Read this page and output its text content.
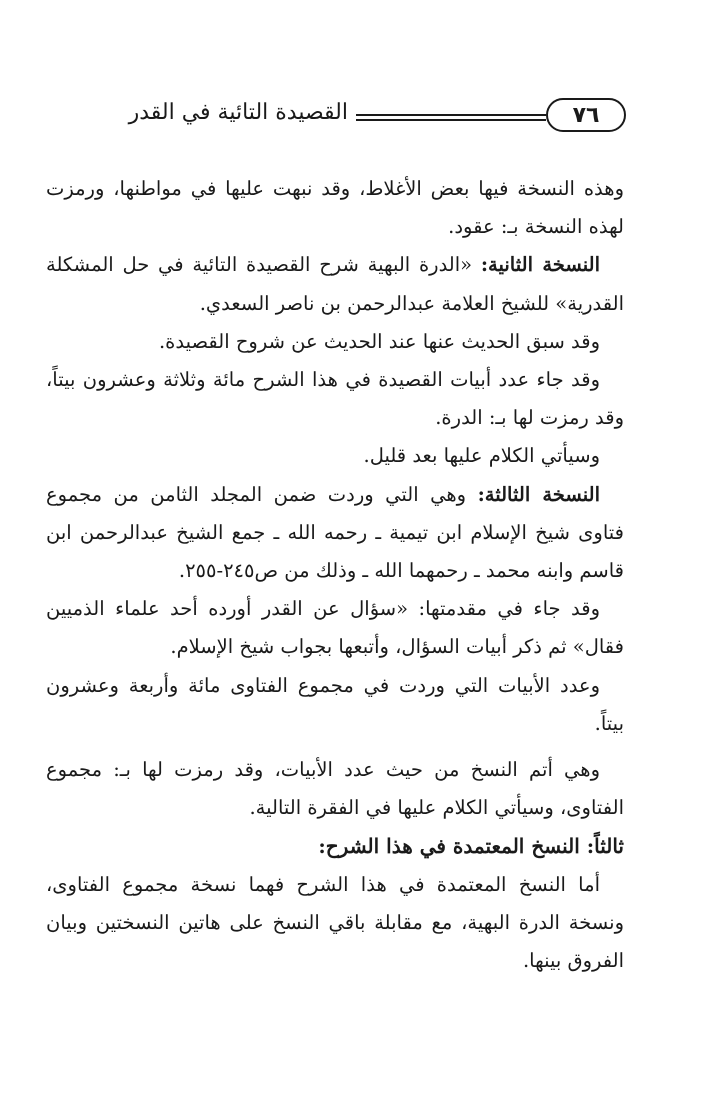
٧٦
القصيدة التائية في القدر

وهذه النسخة فيها بعض الأغلاط، وقد نبهت عليها في مواطنها، ورمزت لهذه النسخة بـ: عقود.

النسخة الثانية: «الدرة البهية شرح القصيدة التائية في حل المشكلة القدرية» للشيخ العلامة عبدالرحمن بن ناصر السعدي.

وقد سبق الحديث عنها عند الحديث عن شروح القصيدة.

وقد جاء عدد أبيات القصيدة في هذا الشرح مائة وثلاثة وعشرون بيتاً، وقد رمزت لها بـ: الدرة.

وسيأتي الكلام عليها بعد قليل.

النسخة الثالثة: وهي التي وردت ضمن المجلد الثامن من مجموع فتاوى شيخ الإسلام ابن تيمية ـ رحمه الله ـ جمع الشيخ عبدالرحمن ابن قاسم وابنه محمد ـ رحمهما الله ـ وذلك من ص٢٤٥-٢٥٥.

وقد جاء في مقدمتها: «سؤال عن القدر أورده أحد علماء الذميين فقال» ثم ذكر أبيات السؤال، وأتبعها بجواب شيخ الإسلام.

وعدد الأبيات التي وردت في مجموع الفتاوى مائة وأربعة وعشرون بيتاً.

وهي أتم النسخ من حيث عدد الأبيات، وقد رمزت لها بـ: مجموع الفتاوى، وسيأتي الكلام عليها في الفقرة التالية.

ثالثاً: النسخ المعتمدة في هذا الشرح:

أما النسخ المعتمدة في هذا الشرح فهما نسخة مجموع الفتاوى، ونسخة الدرة البهية، مع مقابلة باقي النسخ على هاتين النسختين وبيان الفروق بينها.
